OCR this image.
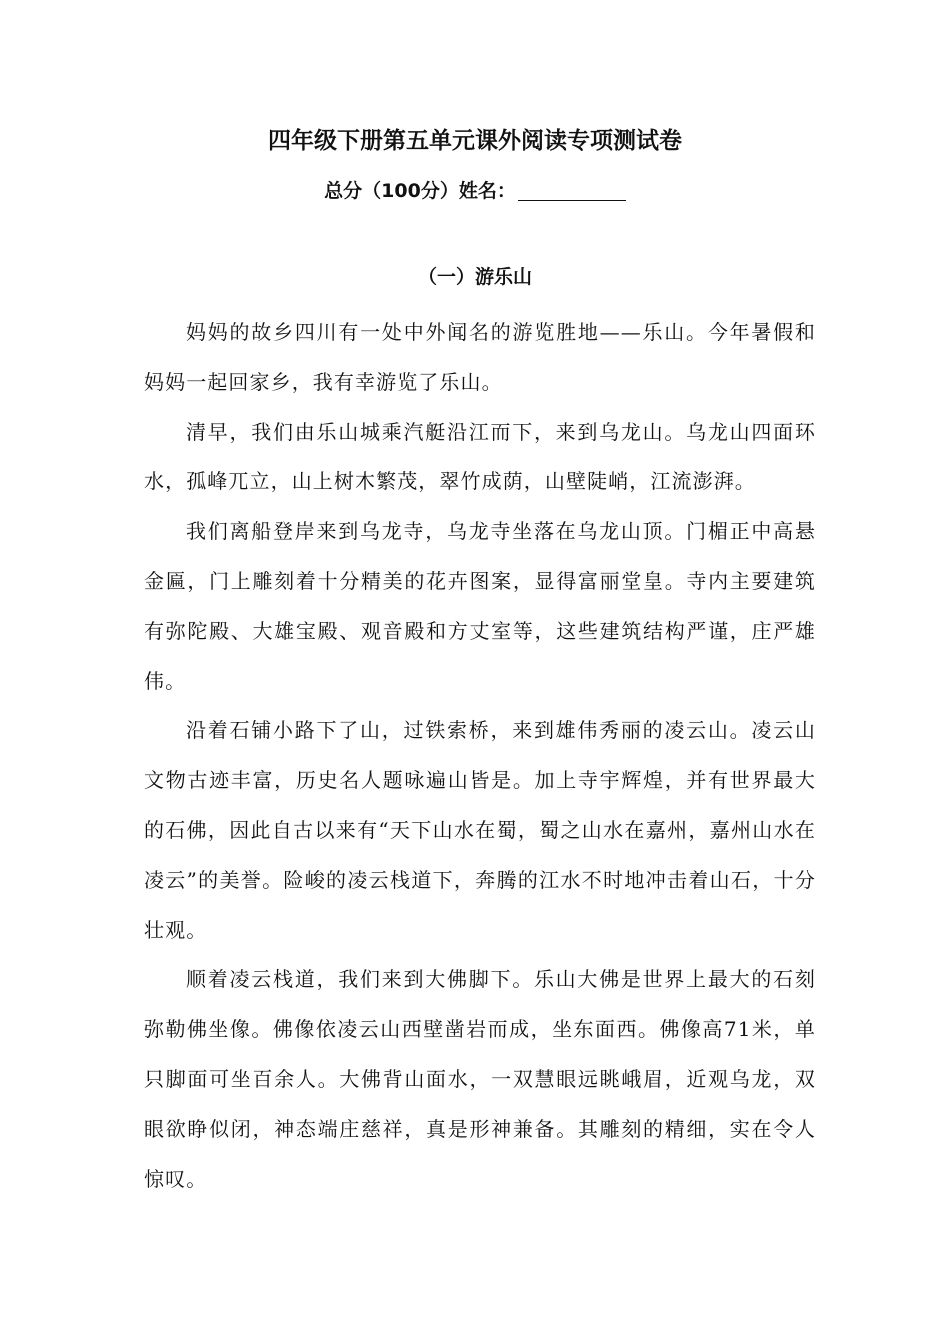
四年级下册第五单元课外阅读专项测试卷
总分（100分）姓名：
（一）游乐山

妈妈的故乡四川有一处中外闻名的游览胜地——乐山。今年暑假和妈妈一起回家乡，我有幸游览了乐山。

清早，我们由乐山城乘汽艇沿江而下，来到乌龙山。乌龙山四面环水，孤峰兀立，山上树木繁茂，翠竹成荫，山壁陡峭，江流澎湃。

我们离船登岸来到乌龙寺，乌龙寺坐落在乌龙山顶。门楣正中高悬金匾，门上雕刻着十分精美的花卉图案，显得富丽堂皇。寺内主要建筑有弥陀殿、大雄宝殿、观音殿和方丈室等，这些建筑结构严谨，庄严雄伟。

沿着石铺小路下了山，过铁索桥，来到雄伟秀丽的凌云山。凌云山文物古迹丰富，历史名人题咏遍山皆是。加上寺宇辉煌，并有世界最大的石佛，因此自古以来有“天下山水在蜀，蜀之山水在嘉州，嘉州山水在凌云”的美誉。险峻的凌云栈道下，奔腾的江水不时地冲击着山石，十分壮观。

顺着凌云栈道，我们来到大佛脚下。乐山大佛是世界上最大的石刻弥勒佛坐像。佛像依凌云山西壁凿岩而成，坐东面西。佛像高71米，单只脚面可坐百余人。大佛背山面水，一双慧眼远眺峨眉，近观乌龙，双眼欲睁似闭，神态端庄慈祥，真是形神兼备。其雕刻的精细，实在令人惊叹。
